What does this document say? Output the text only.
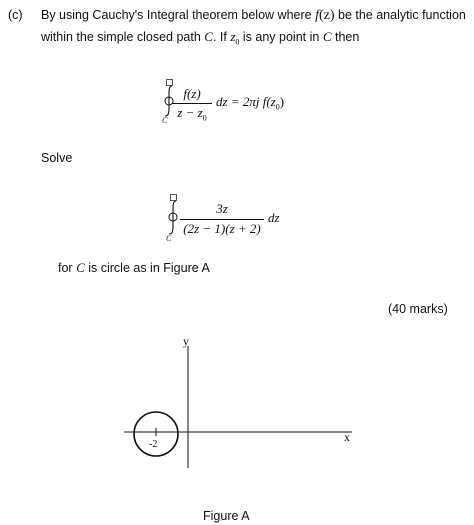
(c) By using Cauchy's Integral theorem below where f(z) be the analytic function
within the simple closed path C. If $z_0$ is any point in C then
C
f(z)
$z - z_0$
dz = 2πj $f(z_0)$
Solve
C
3z
(2z − 1)(z + 2)
dz
for C is circle as in Figure A
(40 marks)
y
x
-2
Figure A
